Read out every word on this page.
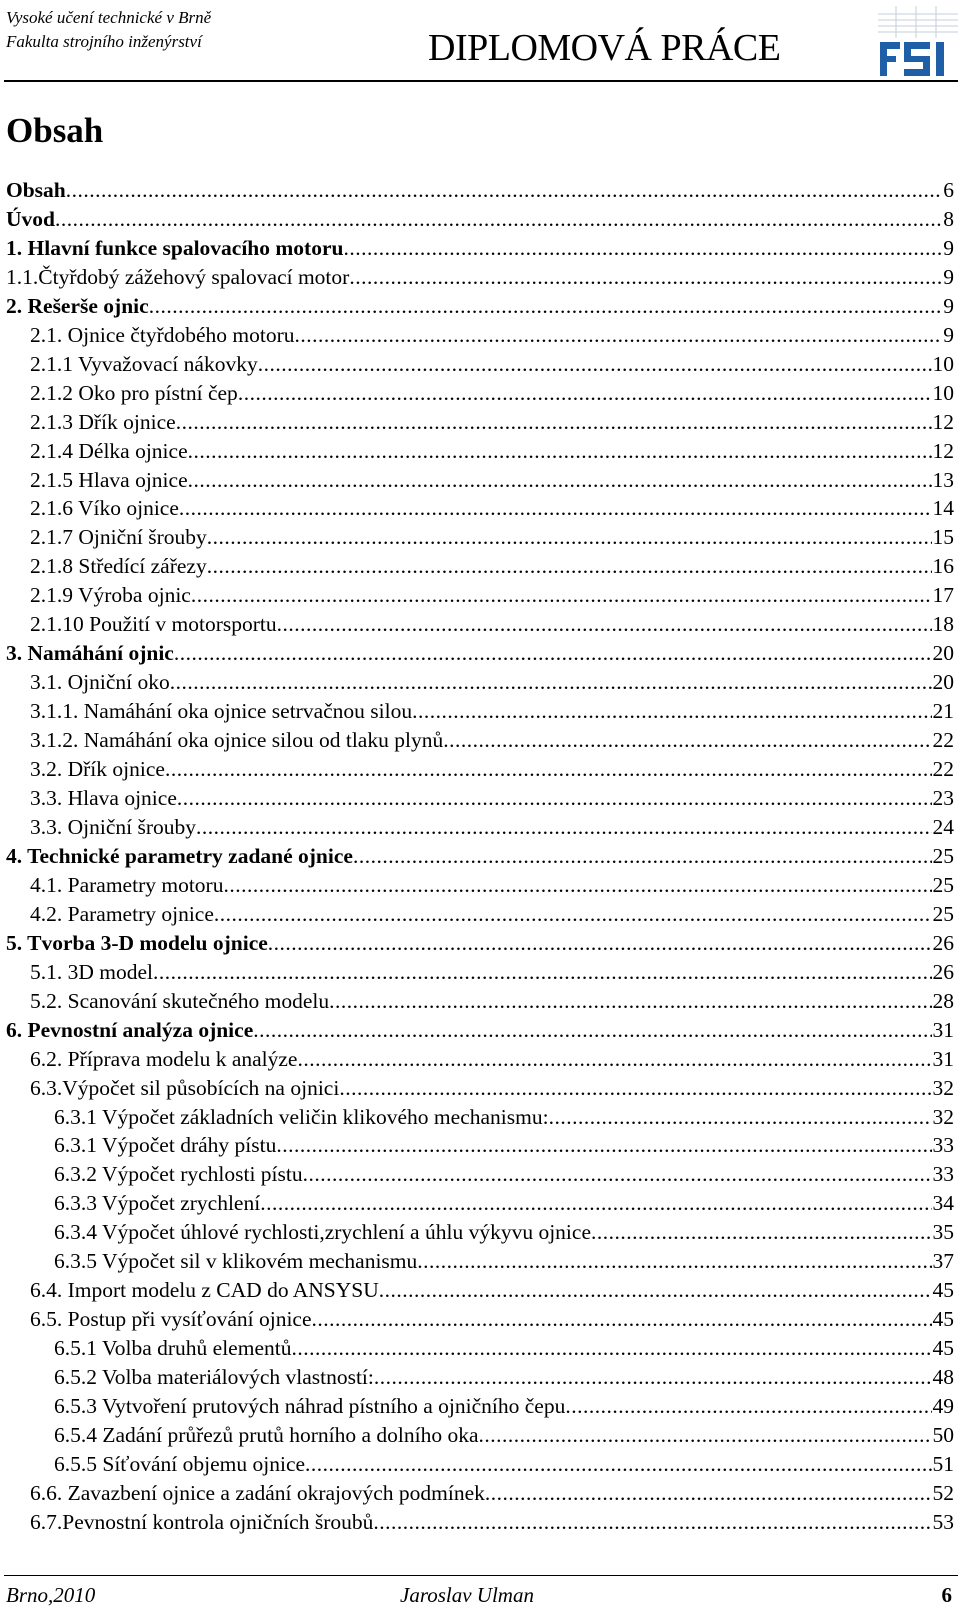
Vysoké učení technické v Brně
Fakulta strojního inženýrství	DIPLOMOVÁ PRÁCE
Obsah
Obsah .....	6
Úvod .....	8
1. Hlavní funkce spalovacího motoru .....	9
1.1.Čtyřdobý zážehový spalovací motor .....	9
2. Rešerše ojnic .....	9
2.1. Ojnice čtyřdobého motoru .....	9
2.1.1 Vyvažovací nákovky .....	10
2.1.2 Oko pro pístní čep .....	10
2.1.3 Dřík ojnice .....	12
2.1.4 Délka ojnice .....	12
2.1.5 Hlava ojnice .....	13
2.1.6 Víko ojnice .....	14
2.1.7 Ojniční šrouby .....	15
2.1.8 Středící zářezy .....	16
2.1.9 Výroba ojnic .....	17
2.1.10 Použití v motorsportu .....	18
3. Namáhání ojnic .....	20
3.1. Ojniční oko .....	20
3.1.1. Namáhání oka ojnice setrvačnou silou .....	21
3.1.2. Namáhání oka ojnice silou od tlaku plynů .....	22
3.2. Dřík ojnice .....	22
3.3. Hlava ojnice .....	23
3.3. Ojniční šrouby .....	24
4. Technické parametry zadané ojnice .....	25
4.1. Parametry motoru .....	25
4.2. Parametry ojnice .....	25
5. Tvorba 3-D modelu ojnice .....	26
5.1. 3D model .....	26
5.2. Scanování skutečného modelu .....	28
6. Pevnostní analýza ojnice .....	31
6.2. Příprava modelu k analýze .....	31
6.3.Výpočet sil působících na ojnici .....	32
6.3.1 Výpočet základních veličin klikového mechanismu: .....	32
6.3.1 Výpočet dráhy pístu .....	33
6.3.2 Výpočet rychlosti pístu .....	33
6.3.3 Výpočet zrychlení .....	34
6.3.4 Výpočet úhlové rychlosti,zrychlení a úhlu výkyvu ojnice .....	35
6.3.5 Výpočet sil v klikovém mechanismu .....	37
6.4. Import modelu z CAD do ANSYSU .....	45
6.5. Postup při vysíťování ojnice .....	45
6.5.1 Volba druhů elementů .....	45
6.5.2 Volba materiálových vlastností: .....	48
6.5.3 Vytvoření prutových náhrad pístního a ojničního čepu .....	49
6.5.4 Zadání průřezů prutů horního a dolního oka .....	50
6.5.5 Síťování objemu ojnice .....	51
6.6. Zavazbení ojnice a zadání okrajových podmínek .....	52
6.7.Pevnostní kontrola ojničních šroubů .....	53
Brno,2010	Jaroslav Ulman	6
